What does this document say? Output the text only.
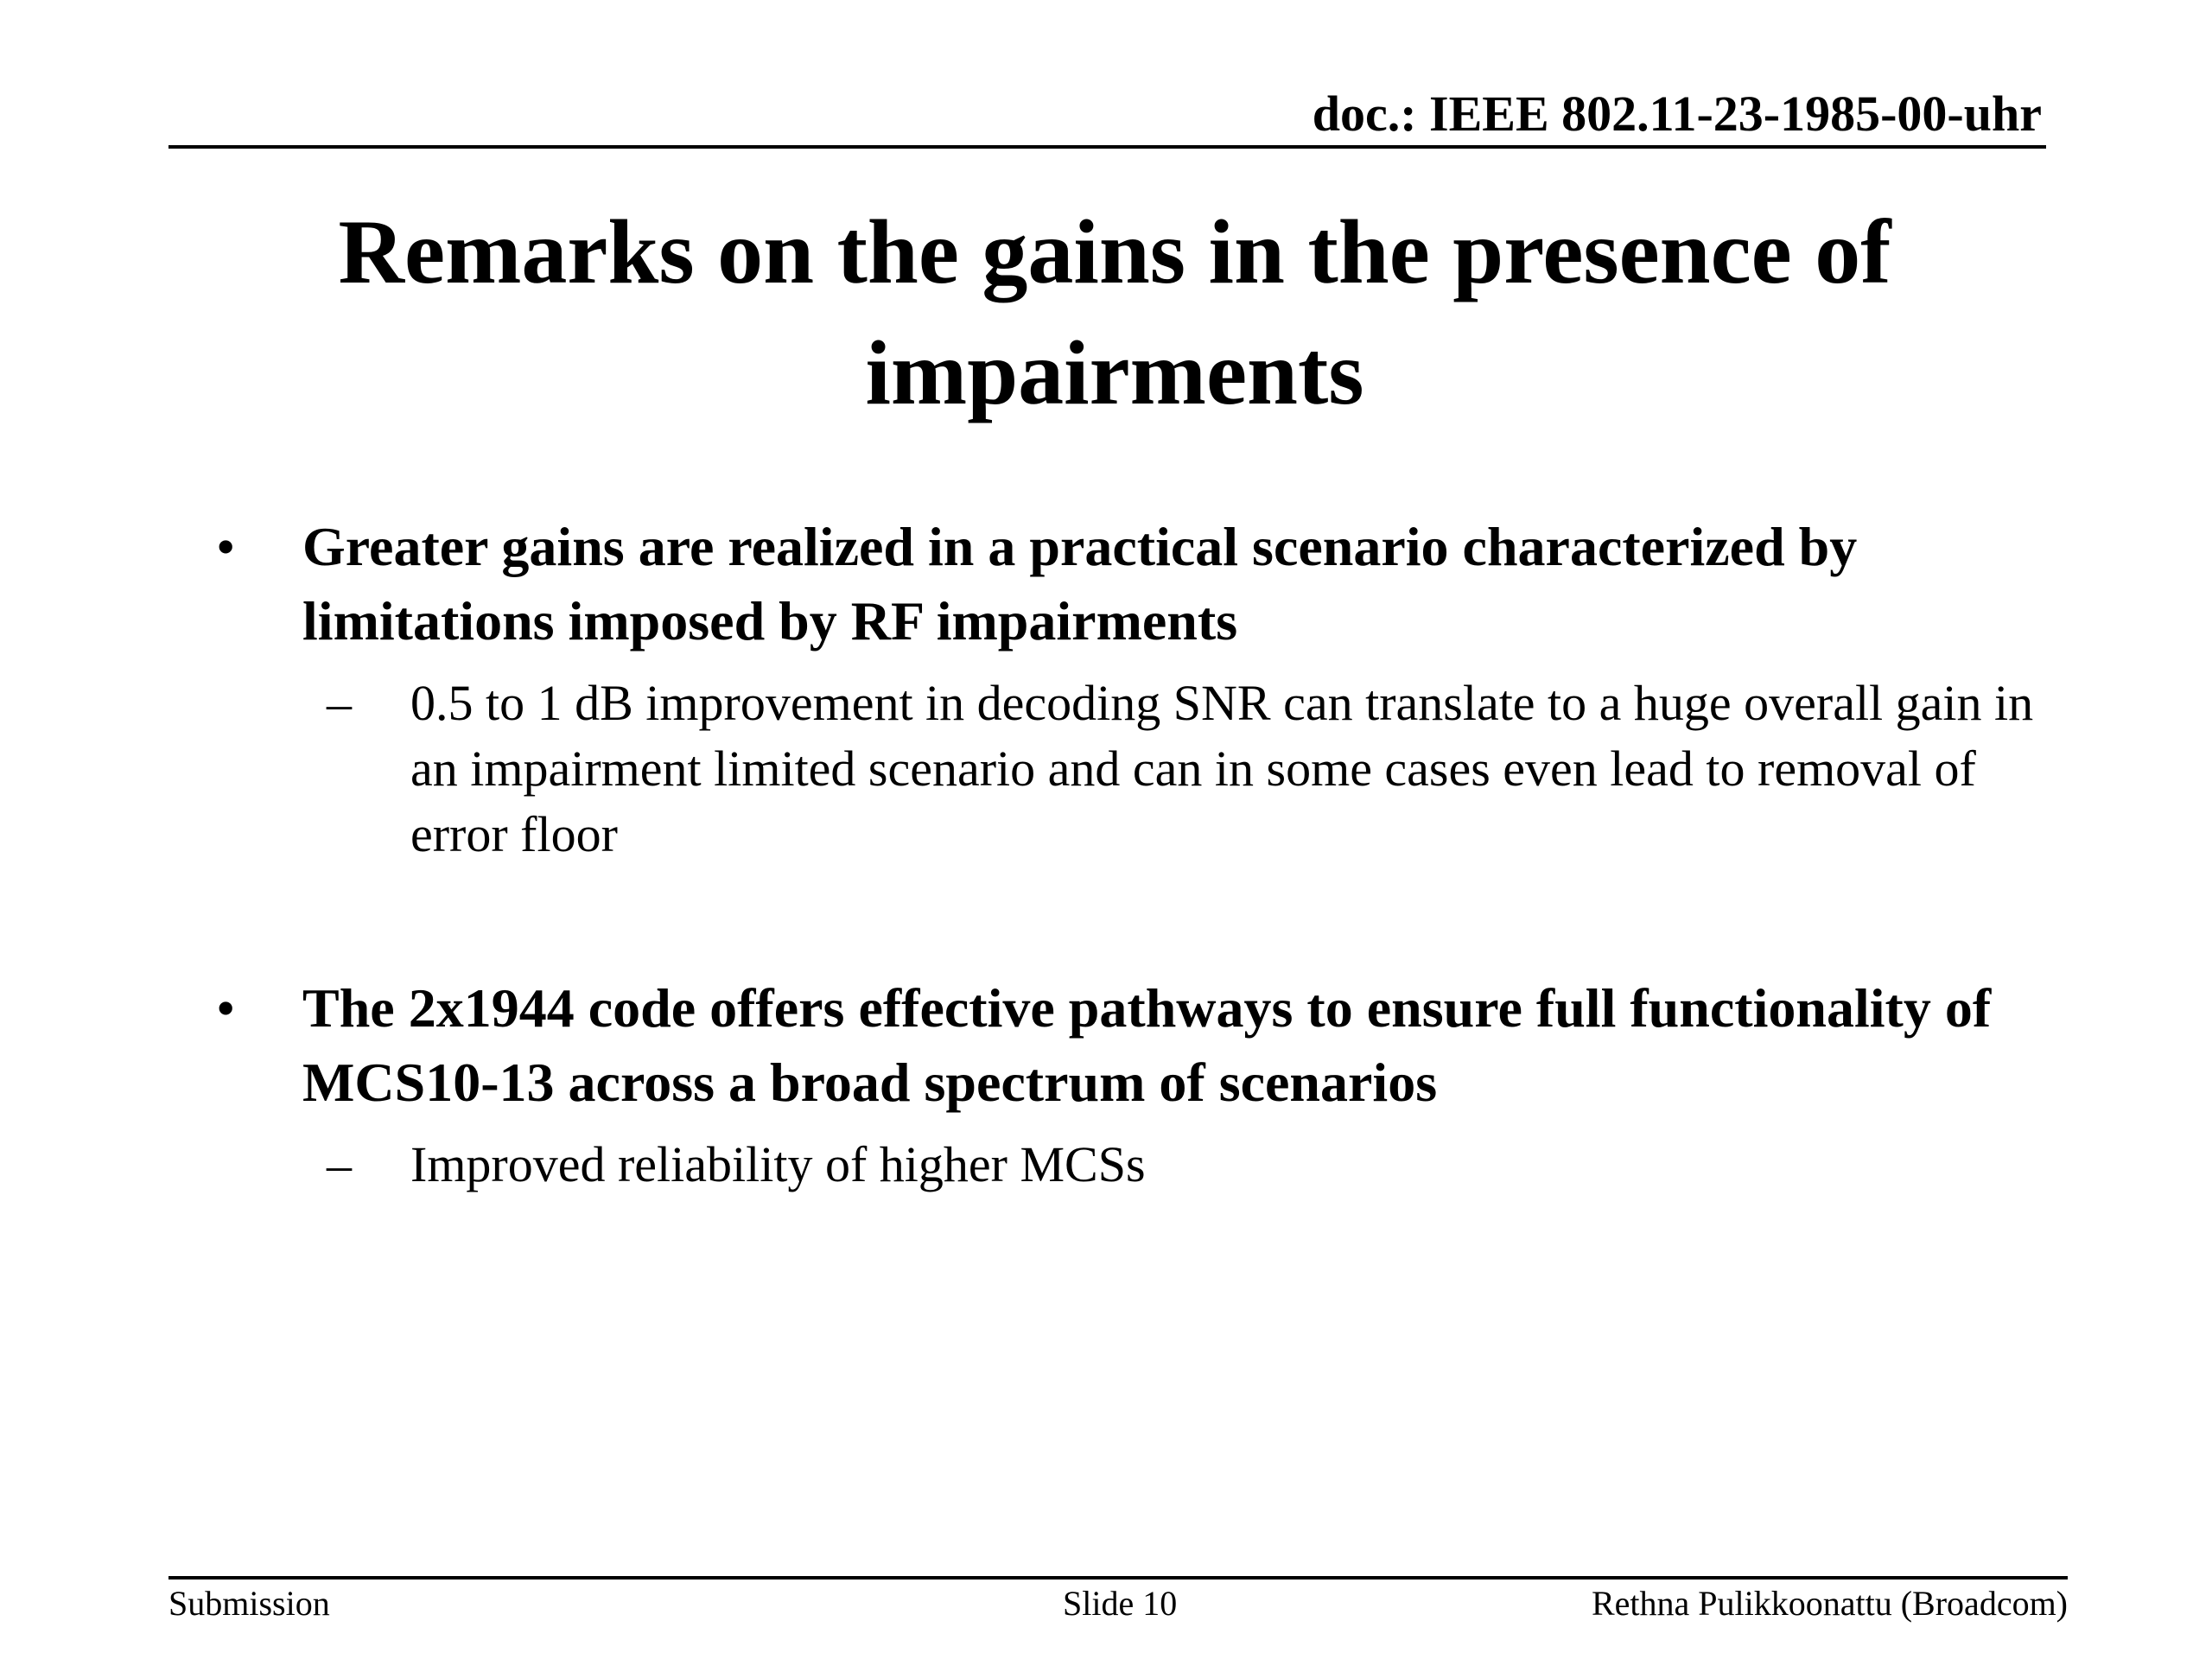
doc.: IEEE 802.11-23-1985-00-uhr
Remarks on the gains in the presence of
impairments
•	Greater gains are realized in a practical scenario characterized by limitations imposed by RF impairments
– 0.5 to 1 dB improvement in decoding SNR can translate to a huge overall gain in an impairment limited scenario and can in some cases even lead to removal of error floor
•	The 2x1944 code offers effective pathways to ensure full functionality of MCS10-13 across a broad spectrum of scenarios
– Improved reliability of higher MCSs
Submission	Slide 10	Rethna Pulikkoonattu (Broadcom)
